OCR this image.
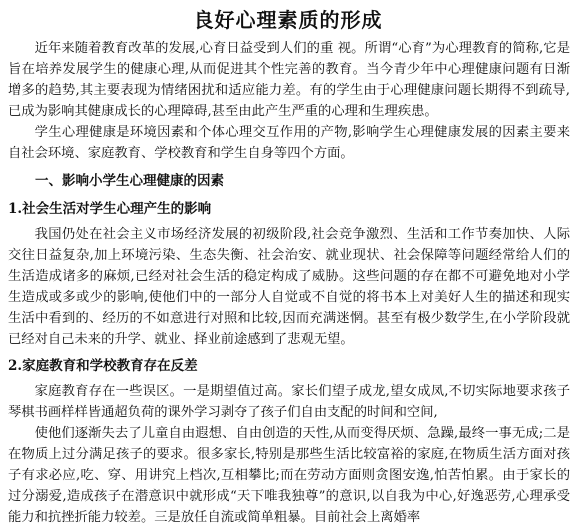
良好心理素质的形成

近年来随着教育改革的发展,心育日益受到人们的重 视。所谓“心育”为心理教育的简称,它是旨在培养发展学生的健康心理,从而促进其个性完善的教育。当今青少年中心理健康问题有日渐增多的趋势,其主要表现为情绪困扰和适应能力差。有的学生由于心理健康问题长期得不到疏导,已成为影响其健康成长的心理障碍,甚至由此产生严重的心理和生理疾患。

学生心理健康是环境因素和个体心理交互作用的产物,影响学生心理健康发展的因素主要来自社会环境、家庭教育、学校教育和学生自身等四个方面。

一、影响小学生心理健康的因素
1.社会生活对学生心理产生的影响

我国仍处在社会主义市场经济发展的初级阶段,社会竞争激烈、生活和工作节奏加快、人际交往日益复杂,加上环境污染、生态失衡、社会治安、就业现状、社会保障等问题经常给人们的生活造成诸多的麻烦,已经对社会生活的稳定构成了威胁。这些问题的存在都不可避免地对小学生造成或多或少的影响,使他们中的一部分人自觉或不自觉的将书本上对美好人生的描述和现实生活中看到的、经历的不如意进行对照和比较,因而充满迷惘。甚至有极少数学生,在小学阶段就已经对自己未来的升学、就业、择业前途感到了悲观无望。

2.家庭教育和学校教育存在反差

家庭教育存在一些误区。一是期望值过高。家长们望子成龙,望女成凤,不切实际地要求孩子琴棋书画样样皆通超负荷的课外学习剥夺了孩子们自由支配的时间和空间,

使他们逐渐失去了儿童自由遐想、自由创造的天性,从而变得厌烦、急躁,最终一事无成;二是在物质上过分满足孩子的要求。很多家长,特别是那些生活比较富裕的家庭,在物质生活方面对孩子有求必应,吃、穿、用讲究上档次,互相攀比;而在劳动方面则贪图安逸,怕苦怕累。由于家长的过分溺爱,造成孩子在潜意识中就形成“天下唯我独尊”的意识,以自我为中心,好逸恶劳,心理承受能力和抗挫折能力较差。三是放任自流或简单粗暴。目前社会上离婚率
